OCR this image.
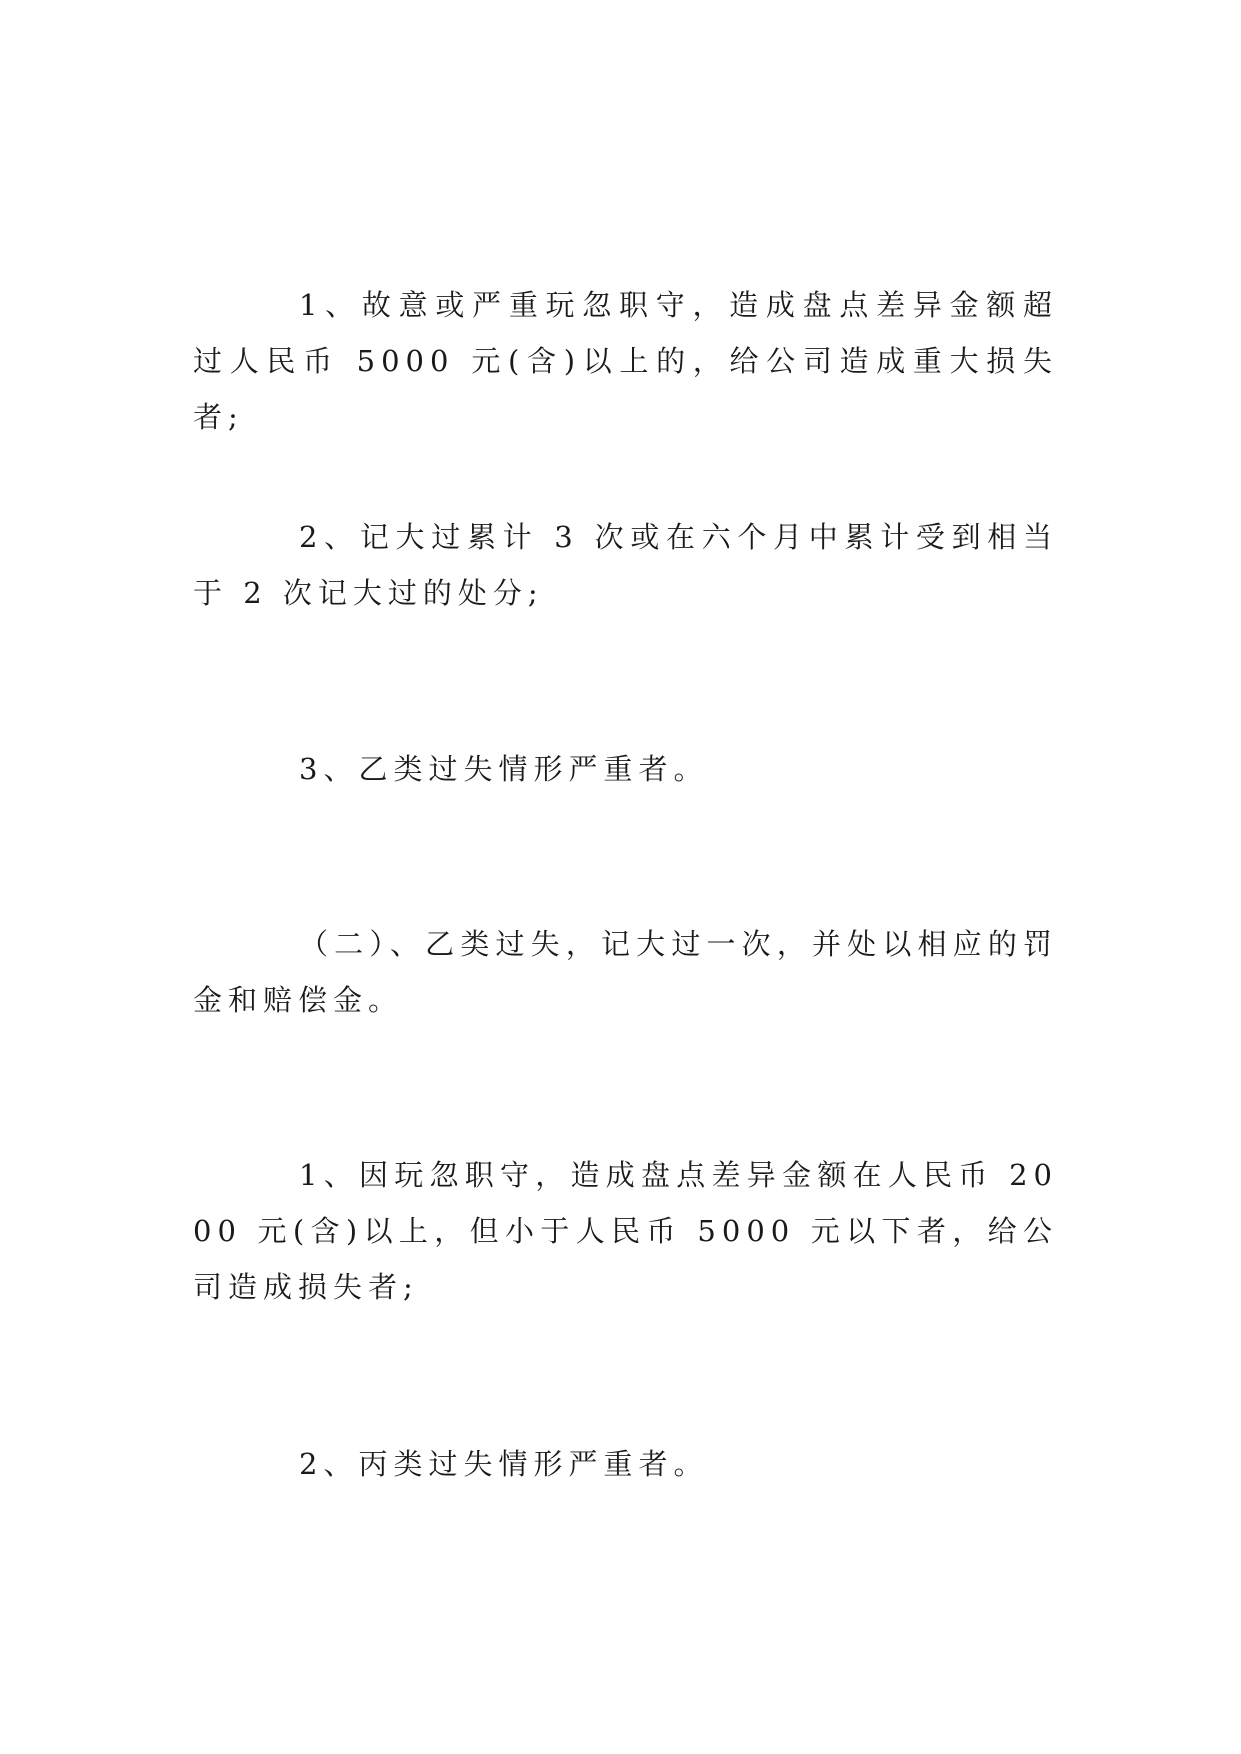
1、故意或严重玩忽职守，造成盘点差异金额超过人民币 5000 元(含)以上的，给公司造成重大损失者;

2、记大过累计 3 次或在六个月中累计受到相当于 2 次记大过的处分;

3、乙类过失情形严重者。

（二）、乙类过失，记大过一次，并处以相应的罚金和赔偿金。

1、因玩忽职守，造成盘点差异金额在人民币 2000 元(含)以上，但小于人民币 5000 元以下者，给公司造成损失者;

2、丙类过失情形严重者。
